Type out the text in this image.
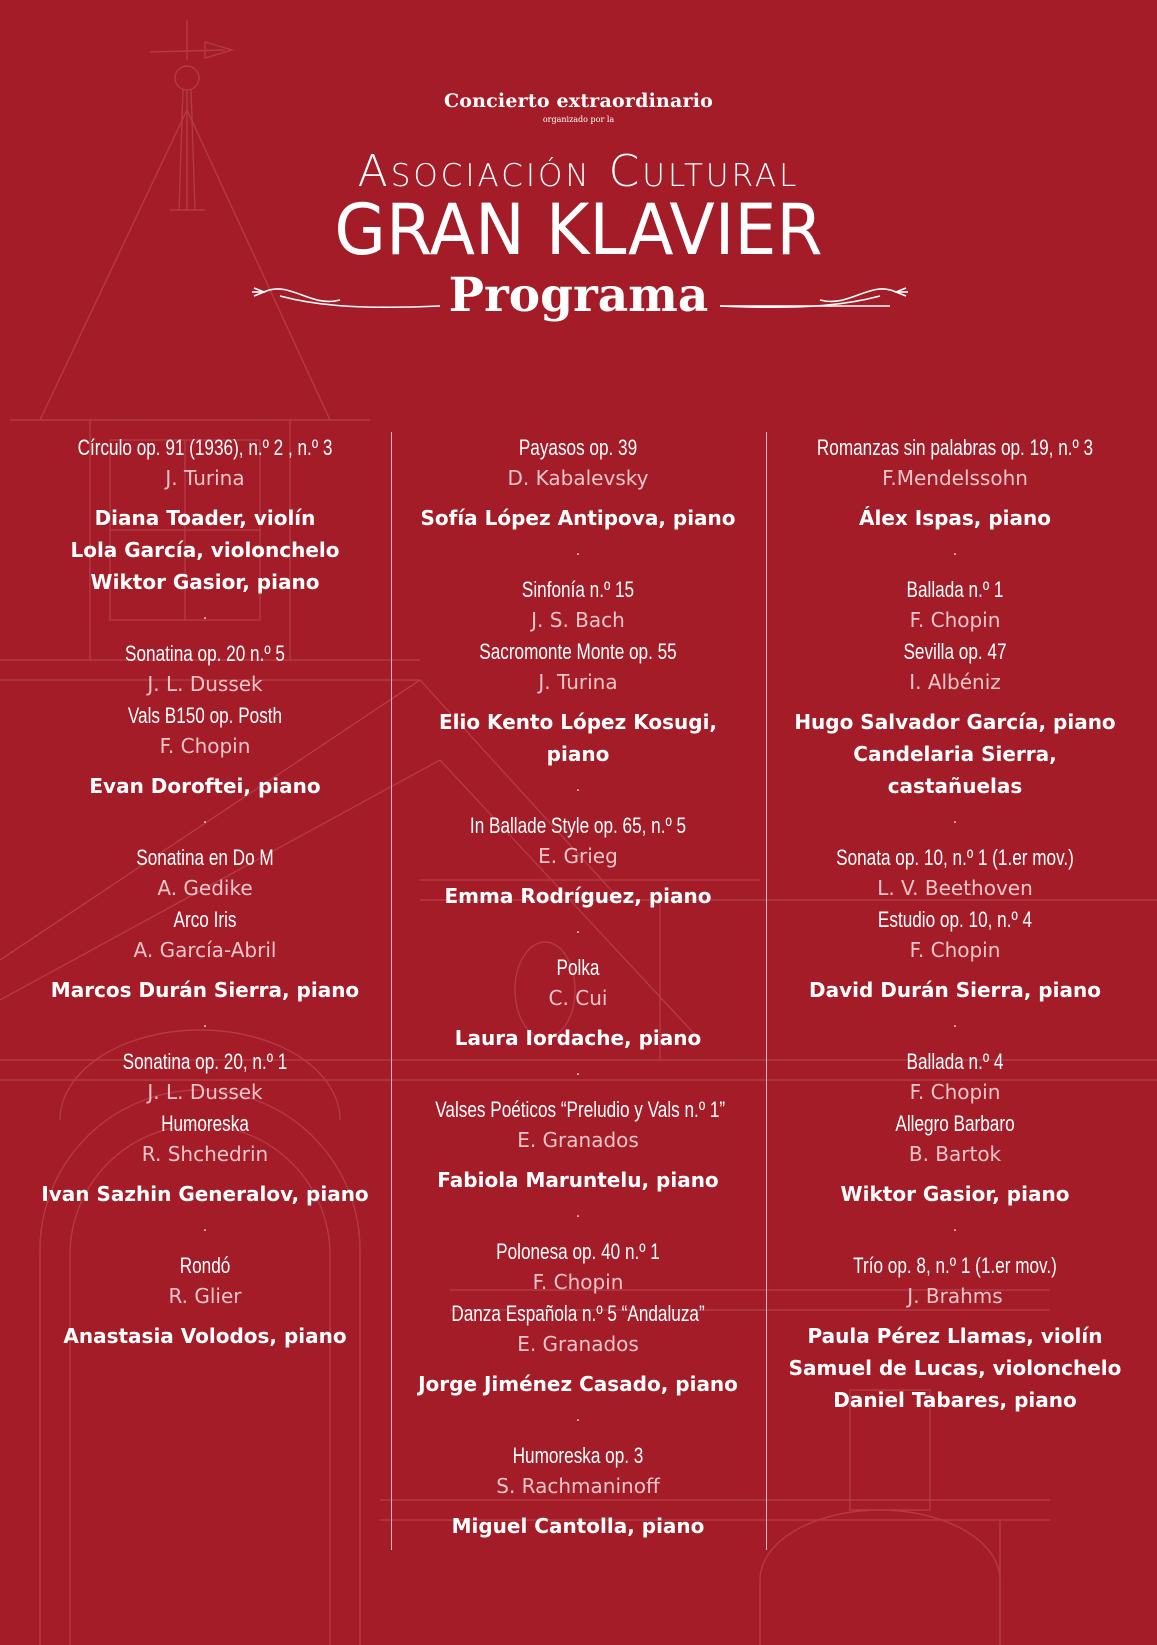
Concierto extraordinario
organizado por la
Asociación Cultural
GRAN KLAVIER
Programa
Círculo op. 91 (1936), n.º 2 , n.º 3
J. Turina
Diana Toader, violín
Lola García, violonchelo
Wiktor Gasior, piano
.
Sonatina op. 20 n.º 5
J. L. Dussek
Vals B150 op. Posth
F. Chopin
Evan Doroftei, piano
.
Sonatina en Do M
A. Gedike
Arco Iris
A. García-Abril
Marcos Durán Sierra, piano
.
Sonatina op. 20, n.º 1
J. L. Dussek
Humoreska
R. Shchedrin
Ivan Sazhin Generalov, piano
.
Rondó
R. Glier
Anastasia Volodos, piano
Payasos op. 39
D. Kabalevsky
Sofía López Antipova, piano
.
Sinfonía n.º 15
J. S. Bach
Sacromonte Monte op. 55
J. Turina
Elio Kento López Kosugi,
piano
.
In Ballade Style op. 65, n.º 5
E. Grieg
Emma Rodríguez, piano
.
Polka
C. Cui
Laura Iordache, piano
.
Valses Poéticos “Preludio y Vals n.º 1”
E. Granados
Fabiola Maruntelu, piano
.
Polonesa op. 40 n.º 1
F. Chopin
Danza Española n.º 5 “Andaluza”
E. Granados
Jorge Jiménez Casado, piano
.
Humoreska op. 3
S. Rachmaninoff
Miguel Cantolla, piano
Romanzas sin palabras op. 19, n.º 3
F.Mendelssohn
Álex Ispas, piano
.
Ballada n.º 1
F. Chopin
Sevilla op. 47
I. Albéniz
Hugo Salvador García, piano
Candelaria Sierra,
castañuelas
.
Sonata op. 10, n.º 1 (1.er mov.)
L. V. Beethoven
Estudio op. 10, n.º 4
F. Chopin
David Durán Sierra, piano
.
Ballada n.º 4
F. Chopin
Allegro Barbaro
B. Bartok
Wiktor Gasior, piano
.
Trío op. 8, n.º 1 (1.er mov.)
J. Brahms
Paula Pérez Llamas, violín
Samuel de Lucas, violonchelo
Daniel Tabares, piano
